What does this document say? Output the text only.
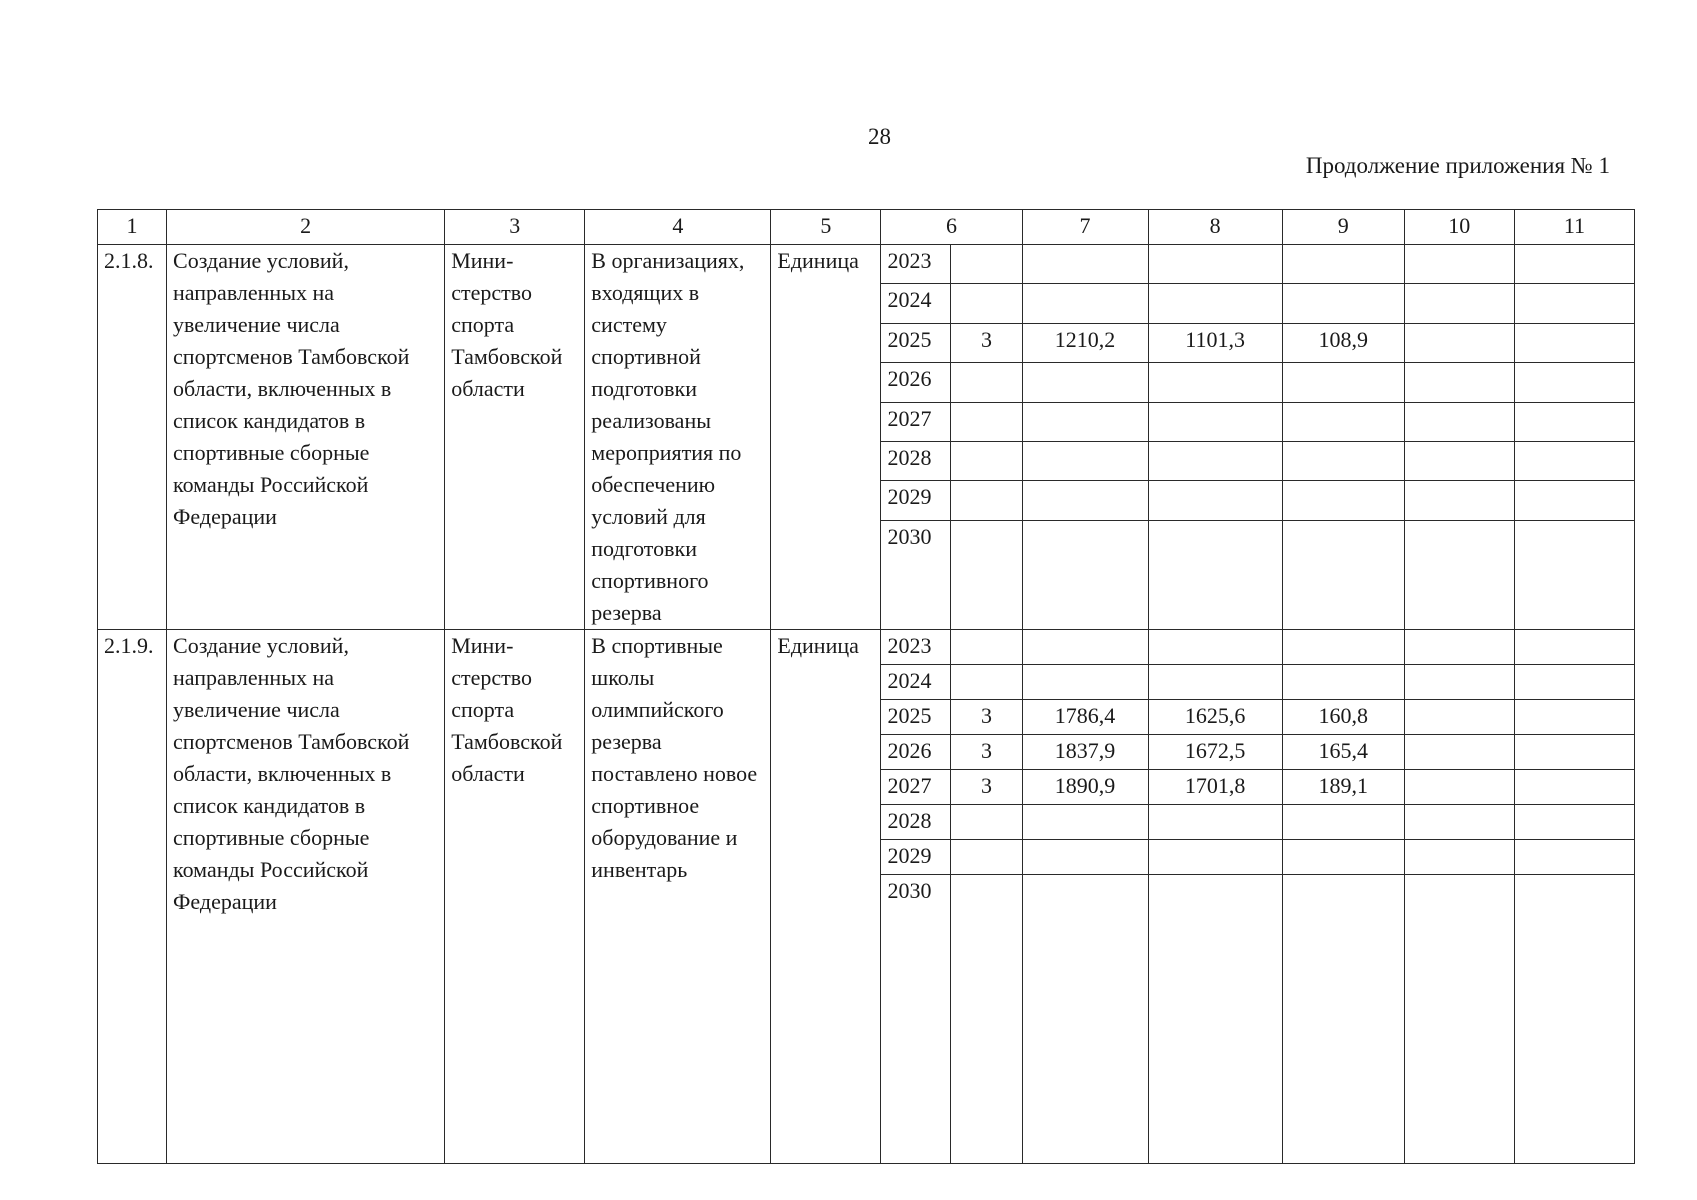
28
Продолжение приложения № 1
1	2	3	4	5	6		7	8	9	10	11
2.1.8.	Создание условий, направленных на увеличение числа спортсменов Тамбовской области, включенных в список кандидатов в спортивные сборные команды Российской Федерации	Мини- стерство спорта Тамбовской области	В организациях, входящих в систему спортивной подготовки реализованы мероприятия по обеспечению условий для подготовки спортивного резерва	Единица	2023						
					2024						
					2025	3	1210,2	1101,3	108,9		
					2026						
					2027						
					2028						
					2029						
					2030						
2.1.9.	Создание условий, направленных на увеличение числа спортсменов Тамбовской области, включенных в список кандидатов в спортивные сборные команды Российской Федерации	Мини- стерство спорта Тамбовской области	В спортивные школы олимпийского резерва поставлено новое спортивное оборудование и инвентарь	Единица	2023						
					2024						
					2025	3	1786,4	1625,6	160,8		
					2026	3	1837,9	1672,5	165,4		
					2027	3	1890,9	1701,8	189,1		
					2028						
					2029						
					2030						
